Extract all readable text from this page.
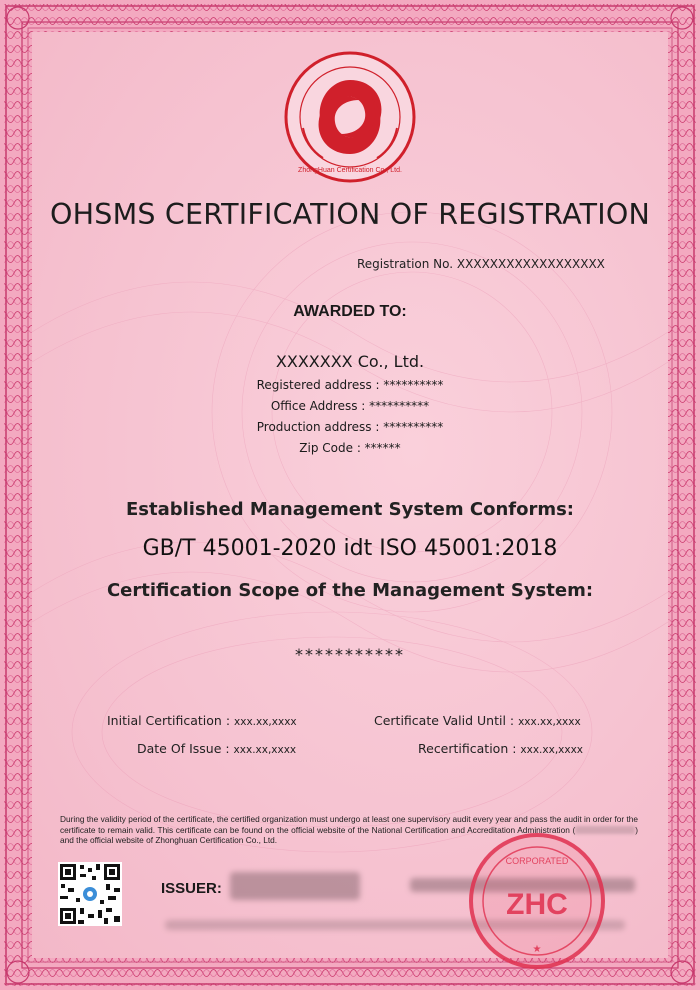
ZhongHuan Certification Co., Ltd.
OHSMS CERTIFICATION OF REGISTRATION
Registration No. XXXXXXXXXXXXXXXXXX
AWARDED TO:
XXXXXXX Co., Ltd.
Registered address : **********
Office Address : **********
Production address : **********
Zip Code : ******
Established Management System Conforms:
GB/T 45001-2020 idt ISO 45001:2018
Certification Scope of the Management System:
***********
Initial Certification : xxx.xx,xxxx	Certificate Valid Until : xxx.xx,xxxx
Date Of Issue : xxx.xx,xxxx	Recertification : xxx.xx,xxxx
During the validity period of the certificate, the certified organization must undergo at least one supervisory audit every year and pass the audit in order for the certificate to remain valid. This certificate can be found on the official website of the National Certification and Accreditation Administration (	) and the official website of Zhonghuan Certification Co., Ltd.
ISSUER:
CORPORATED
ZHC
★
